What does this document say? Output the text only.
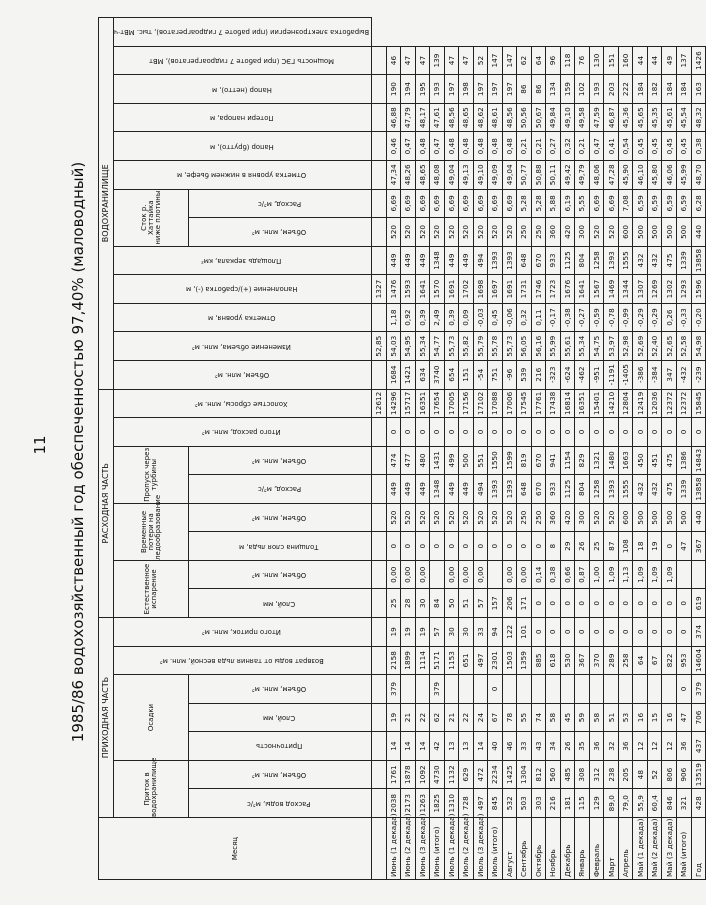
11 1985/86 водохозяйственный год обеспеченностью 97,40% (маловодный)
Месяц	ПРИХОДНАЯ ЧАСТЬ							РАСХОДНАЯ ЧАСТЬ								ВОДОХРАНИЛИЩЕ												
	Приток в водохранилище		Осадки			Возврат воды от таяния льда весной, млн. м³	Итого приток, млн. м³	Естественное испарение		Временные потери на ледообразование		Пропуск через турбины		Итого расход, млн. м³	Холостые сбросы, млн. м³	Объем, млн. м³	Изменение объема, млн. м³	Отметка уровня, м	Наполнение (+)/сработка (-), м	Площадь зеркала, км²	Сток р. Хаттайка ниже плотины		Отметка уровня в нижнем бьефе, м	Напор (брутто), м	Потери напора, м	Напор (нетто), м	Мощность ГЭС (при работе 7 гидроагрегатов), МВт	Выработка электроэнергии (при работе 7 гидроагрегатов), тыс. МВт·ч
	Расход воды, м³/с	Объем, млн. м³	Приточность	Слой, мм	Объем, млн. м³			Слой, мм	Объем, млн. м³	Толщина слоя льда, м	Объем, млн. м³	Расход, м³/с	Объем, млн. м³								Объем, млн. м³	Расход, м³/с						
															12612		52,85		1327									
Июнь (1 декада)	2038	1761	14	19	379	2158	19	25	0,00	0	520	449	474	0	14296	1684	54,03	1,18	1476	449	520	6,69	47,34	0,46	46,88	190	46	
Июнь (2 декада)	2173	1878	14	21		1899	19	28	0,00	0	520	449	477	0	15717	1421	54,95	0,92	1593	449	520	6,69	48,26	0,47	47,79	194	47	
Июнь (3 декада)	1263	1092	14	22		1114	19	30	0,00	0	520	449	480	0	16351	634	55,34	0,39	1641	449	520	6,69	48,65	0,48	48,17	195	47	
Июнь (итого)	1825	4730	42	62	379	5171	57	84		0	520	1348	1431	0	17654	3740	54,77	2,49	1570	1348	520	6,69	48,08	0,47	47,61	193	139	
Июль (1 декада)	1310	1132	13	21		1153	30	50	0,00	0	520	449	499	0	17005	654	55,73	0,39	1691	449	520	6,69	49,04	0,48	48,56	197	47	
Июль (2 декада)	728	629	13	22		651	30	51	0,00	0	520	449	500	0	17156	151	55,82	0,09	1702	449	520	6,69	49,13	0,48	48,65	198	47	
Июль (3 декада)	497	472	14	24		497	33	57	0,00	0	520	494	551	0	17102	-54	55,79	-0,03	1698	494	520	6,69	49,10	0,48	48,62	197	52	
Июль (итого)	845	2234	40	67	0	2301	94	157		0	520	1393	1550	0	17088	751	55,78	0,45	1697	1393	520	6,69	49,09	0,48	48,61	197	147	
Август	532	1425	46	78		1503	122	206	0,00	0	520	1393	1599	0	17006	-96	55,73	-0,06	1691	1393	520	6,69	49,04	0,48	48,56	197	147	
Сентябрь	503	1304	33	55		1359	101	171	0,00	0	250	648	819	0	17545	539	56,05	0,32	1731	648	250	5,28	50,77	0,21	50,56	86	62	
Октябрь	303	812	43	74		885	0	0	0,14	0	250	670	670	0	17761	216	56,16	0,11	1746	670	250	5,28	50,88	0,21	50,67	86	64	
Ноябрь	216	560	34	58		618	0	0	0,38	8	360	933	941	0	17438	-323	55,99	-0,17	1723	933	360	5,88	50,11	0,27	49,84	134	96	
Декабрь	181	485	26	45		530	0	0	0,66	29	420	1125	1154	0	16814	-624	55,61	-0,38	1676	1125	420	6,19	49,42	0,32	49,10	159	118	
Январь	115	308	35	59		367	0	0	0,87	26	300	804	829	0	16351	-462	55,34	-0,27	1641	804	300	5,55	49,79	0,21	49,58	102	76	
Февраль	129	312	36	58		370	0	0	1,00	25	520	1258	1321	0	15401	-951	54,75	-0,59	1567	1258	520	6,69	48,06	0,47	47,59	193	130	
Март	89,0	238	32	51		289	0	0	1,09	87	520	1393	1480	0	14210	-1191	53,97	-0,78	1469	1393	520	6,69	47,28	0,41	46,87	203	151	
Апрель	79,0	205	36	53		258	0	0	1,13	108	600	1555	1663	0	12804	-1405	52,98	-0,99	1344	1555	600	7,08	45,90	0,54	45,36	222	160	
Май (1 декада)	55,9	48	12	16		64	0	0	1,09	18	500	432	450	0	12419	-386	52,69	-0,29	1307	432	500	6,59	46,10	0,45	45,65	184	44	
Май (2 декада)	60,4	52	12	15		67	0	0	1,09	19	500	432	451	0	12036	-384	52,40	-0,29	1269	432	500	6,59	45,80	0,45	45,35	182	44	
Май (3 декада)	846	806	12	16		822	0	0	1,09	0	500	475	475	0	12372	347	52,65	0,26	1302	475	500	6,59	46,06	0,45	45,61	184	49	
Май (итого)	321	906	36	47	0	953	0	0		47	500	1339	1386	0	12372	-432	52,58	-0,33	1293	1339	500	6,59	45,99	0,45	45,54	184	137	
Год	428	13519	437	706	379	14604	374	619		367	440	13858	14843	0	15845	-239	54,98	-0,20	1596	13858	440	6,28	48,70	0,38	48,32	163	1426	
